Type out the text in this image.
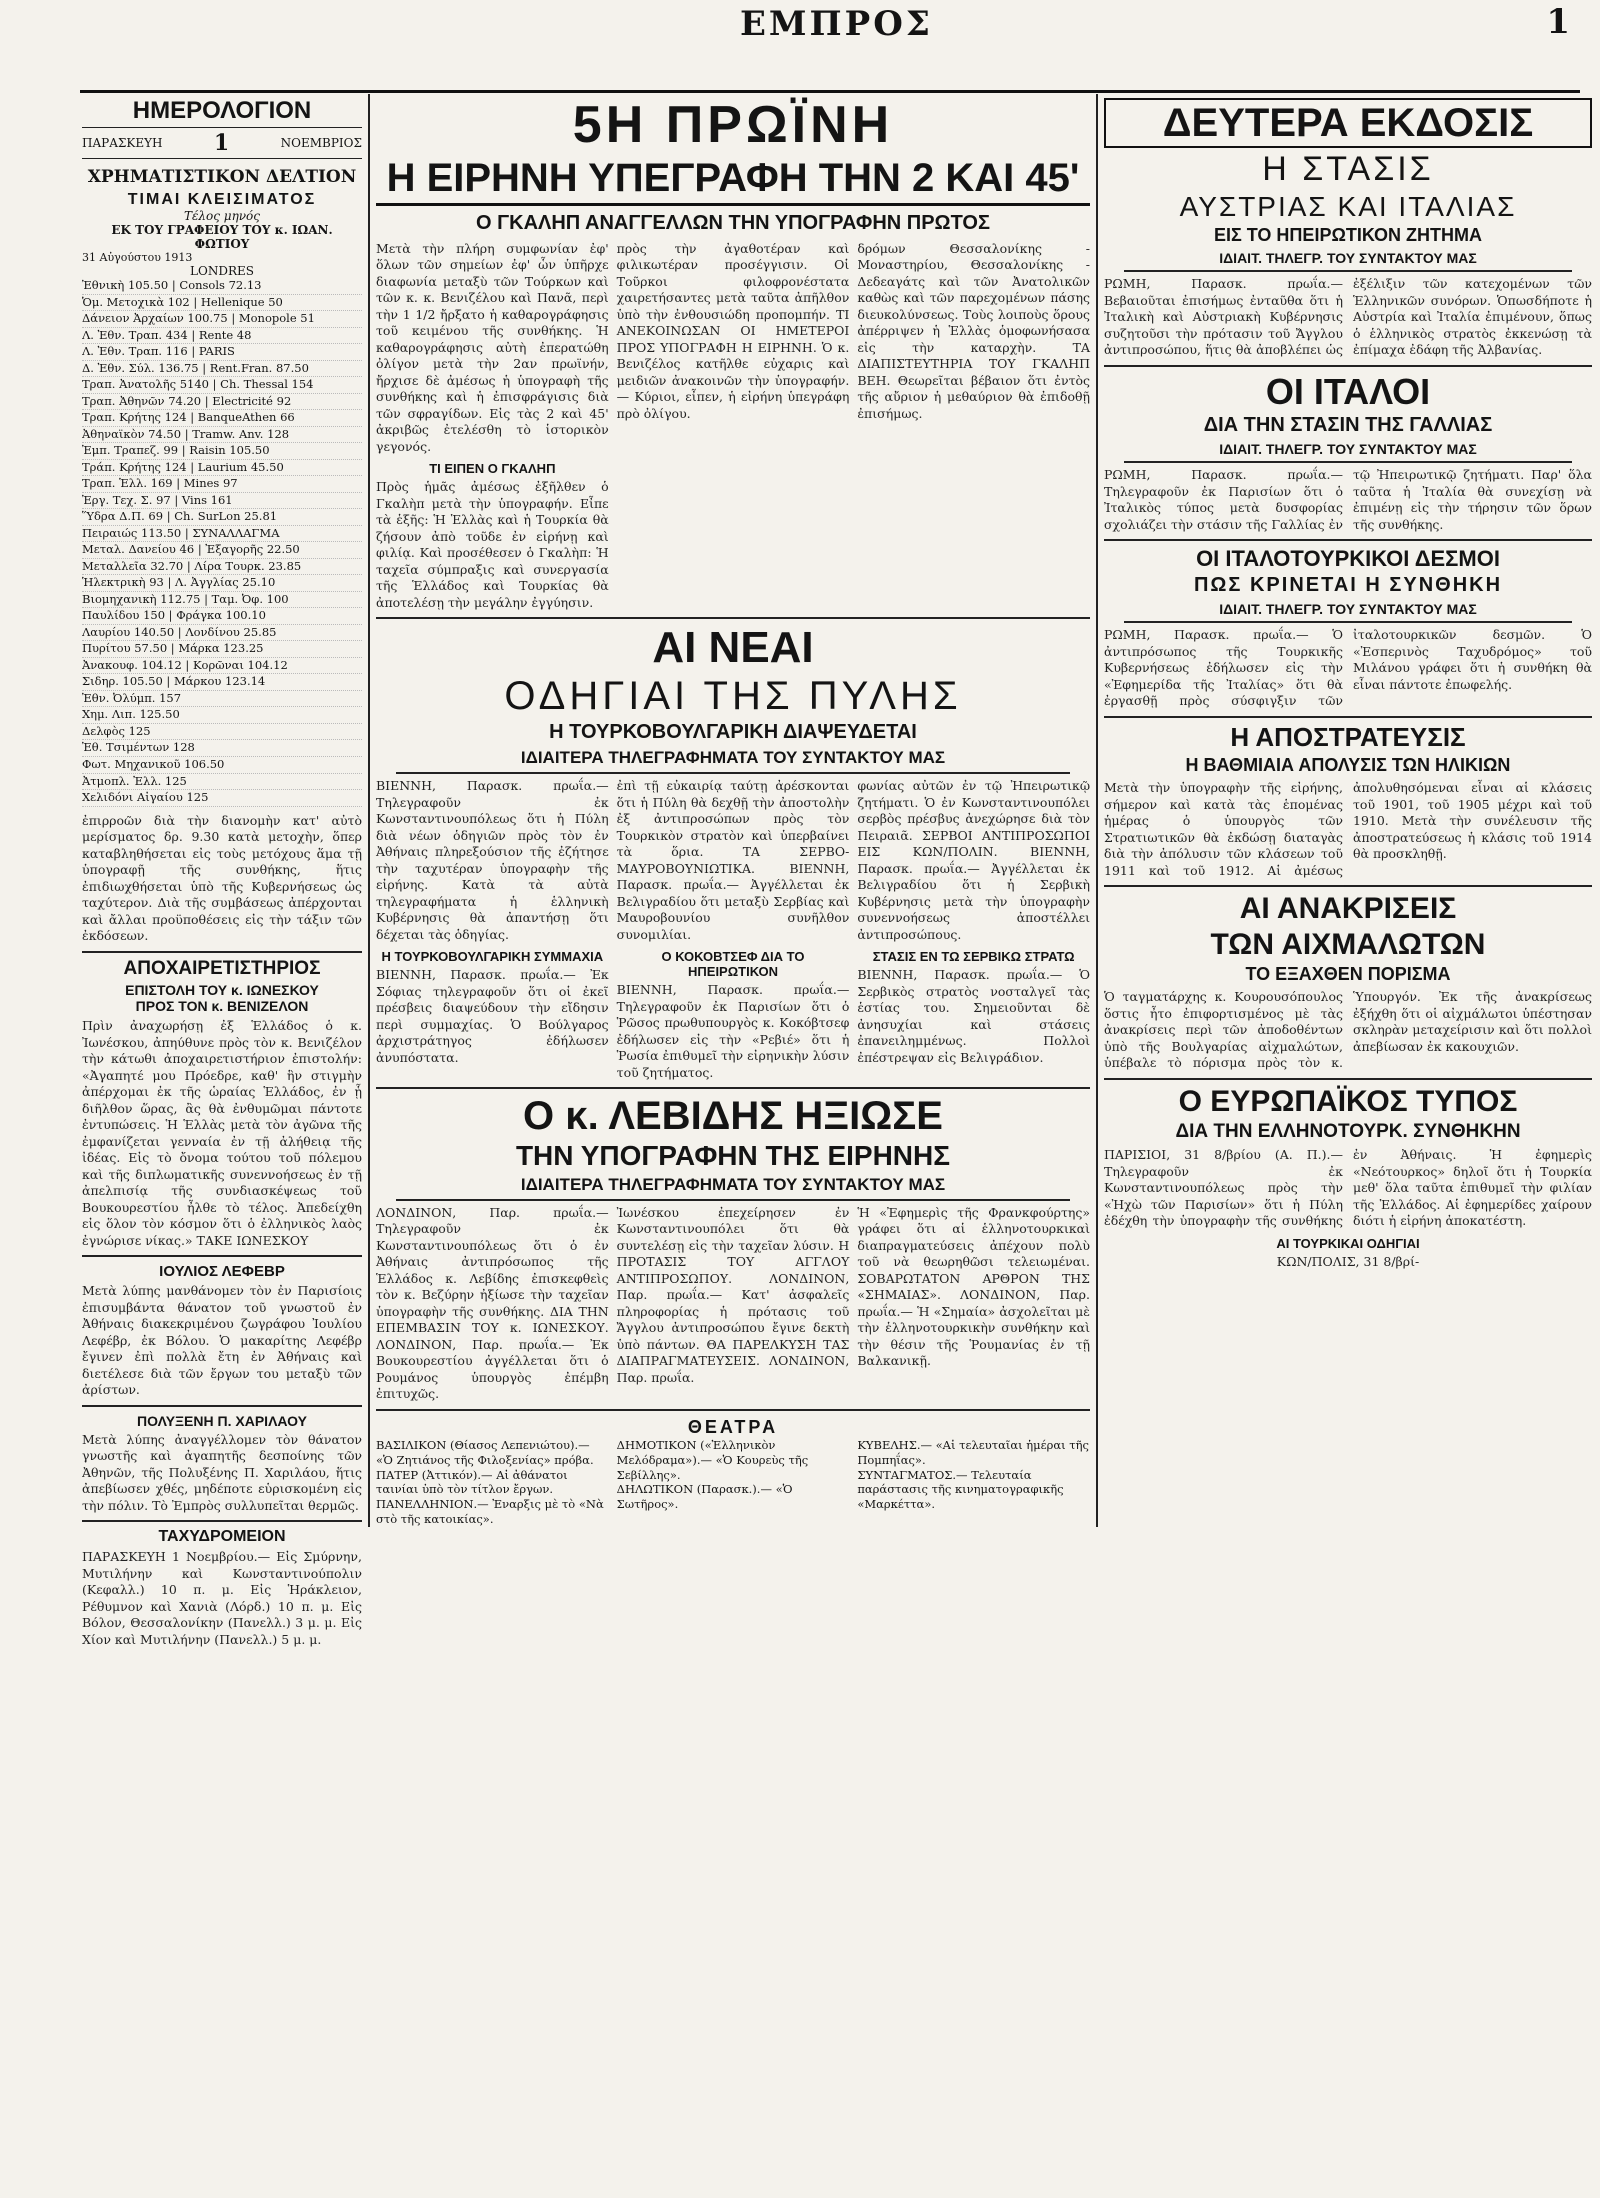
ΕΜΠΡΟΣ	1
ΗΜΕΡΟΛΟΓΙΟΝ
ΠΑΡΑΣΚΕΥΗ 1	ΝΟΕΜΒΡΙΟΣ
ΧΡΗΜΑΤΙΣΤΙΚΟΝ ΔΕΛΤΙΟΝ
ΤΙΜΑΙ ΚΛΕΙΣΙΜΑΤΟΣ
Τέλος μηνός
ΕΚ ΤΟΥ ΓΡΑΦΕΙΟΥ ΤΟΥ κ. ΙΩΑΝ. ΦΩΤΙΟΥ
31 Αὐγούστου 1913
LONDRES
Ἐθνικὴ 105.50 | Consols 72.13
Ὁμ. Μετοχικὰ 102 | Hellenique 50
Δάνειον Ἀρχαίων 100.75 | Monopole 51
Λ. Ἐθν. Τραπ. 434 | Rente 48
Λ. Ἐθν. Τραπ. 116 | PARIS
Δ. Ἐθν. Σύλ. 136.75 | Rent.Fran. 87.50
Τραπ. Ἀνατολῆς 5140 | Ch. Thessal 154
Τραπ. Ἀθηνῶν 74.20 | Electricité 92
Τραπ. Κρήτης 124 | BanqueAthen 66
Ἀθηναϊκὸν 74.50 | Tramw. Anv. 128
Ἐμπ. Τραπεζ. 99 | Raisin 105.50
Τράπ. Κρήτης 124 | Laurium 45.50
Τραπ. Ἑλλ. 169 | Mines 97
Ἐργ. Τεχ. Σ. 97 | Vins 161
Ὕδρα Δ.Π. 69 | Ch. SurLon 25.81
Πειραιώς 113.50 | ΣΥΝΑΛΛΑΓΜΑ
Μεταλ. Δανείου 46 | Ἐξαγορῆς 22.50
Μεταλλεῖα 32.70 | Λίρα Τουρκ. 23.85
Ἡλεκτρικὴ 93 | Λ. Ἀγγλίας 25.10
Βιομηχανικὴ 112.75 | Ταμ. Ὀφ. 100
Παυλίδου 150 | Φράγκα 100.10
Λαυρίου 140.50 | Λονδίνου 25.85
Πυρίτου 57.50 | Μάρκα 123.25
Ἀνακουφ. 104.12 | Κορῶναι 104.12
Σιδηρ. 105.50 | Μάρκου 123.14
Ἐθν. Ὀλύμπ. 157
Χημ. Λιπ. 125.50
Δελφὸς 125
Ἐθ. Τσιμέντων 128
Φωτ. Μηχανικοῦ 106.50
Ἀτμοπλ. Ἐλλ. 125
Χελιδόνι Αἰγαίου 125
ἐπιρροῶν διὰ τὴν διανομὴν κατ' αὐτὸ μερίσματος δρ. 9.30 κατὰ μετοχὴν, ὅπερ καταβληθήσεται εἰς τοὺς μετόχους ἅμα τῇ ὑπογραφῇ τῆς συνθήκης, ἥτις ἐπιδιωχθήσεται ὑπὸ τῆς Κυβερνήσεως ὡς ταχύτερον. Διὰ τῆς συμβάσεως ἀπέρχονται καὶ ἄλλαι προϋποθέσεις εἰς τὴν τάξιν τῶν ἐκδόσεων.
ΑΠΟΧΑΙΡΕΤΙΣΤΗΡΙΟΣ
ΕΠΙΣΤΟΛΗ ΤΟΥ κ. ΙΩΝΕΣΚΟΥ
ΠΡΟΣ ΤΟΝ κ. ΒΕΝΙΖΕΛΟΝ
Πρὶν ἀναχωρήσῃ ἐξ Ἑλλάδος ὁ κ. Ἰωνέσκου, ἀπηύθυνε πρὸς τὸν κ. Βενιζέλον τὴν κάτωθι ἀποχαιρετιστήριον ἐπιστολήν: «Ἀγαπητέ μου Πρόεδρε, καθ' ἣν στιγμὴν ἀπέρχομαι ἐκ τῆς ὡραίας Ἑλλάδος, ἐν ᾗ διῆλθον ὥρας, ἂς θὰ ἐνθυμῶμαι πάντοτε ἐντυπώσεις. Ἡ Ἑλλὰς μετὰ τὸν ἀγῶνα τῆς ἐμφανίζεται γενναία ἐν τῇ ἀλήθειᾳ τῆς ἰδέας. Εἰς τὸ ὄνομα τούτου τοῦ πόλεμου καὶ τῆς διπλωματικῆς συνεννοήσεως ἐν τῇ ἀπελπισίᾳ τῆς συνδιασκέψεως τοῦ Βουκουρεστίου ἦλθε τὸ τέλος. Ἀπεδείχθη εἰς ὅλον τὸν κόσμον ὅτι ὁ ἐλληνικὸς λαὸς ἐγνώρισε νίκας.» ΤΑΚΕ ΙΩΝΕΣΚΟΥ
ΙΟΥΛΙΟΣ ΛΕΦΕΒΡ
Μετὰ λύπης μανθάνομεν τὸν ἐν Παρισίοις ἐπισυμβάντα θάνατον τοῦ γνωστοῦ ἐν Ἀθήναις διακεκριμένου ζωγράφου Ἰουλίου Λεφέβρ, ἐκ Βόλου. Ὁ μακαρίτης Λεφέβρ ἔγινεν ἐπὶ πολλὰ ἔτη ἐν Ἀθήναις καὶ διετέλεσε διὰ τῶν ἔργων του μεταξὺ τῶν ἀρίστων.
ΠΟΛΥΞΕΝΗ Π. ΧΑΡΙΛΑΟΥ
Μετὰ λύπης ἀναγγέλλομεν τὸν θάνατον γνωστῆς καὶ ἀγαπητῆς δεσποίνης τῶν Ἀθηνῶν, τῆς Πολυξένης Π. Χαριλάου, ἥτις ἀπεβίωσεν χθές, μηδέποτε εὑρισκομένη εἰς τὴν πόλιν. Τὸ Ἐμπρὸς συλλυπεῖται θερμῶς.
ΤΑΧΥΔΡΟΜΕΙΟΝ
ΠΑΡΑΣΚΕΥΗ 1 Νοεμβρίου.— Εἰς Σμύρνην, Μυτιλήνην καὶ Κωνσταντινούπολιν (Κεφαλλ.) 10 π. μ. Εἰς Ἡράκλειον, Ρέθυμνον καὶ Χανιὰ (Λόρδ.) 10 π. μ. Εἰς Βόλον, Θεσσαλονίκην (Πανελλ.) 3 μ. μ. Εἰς Χίον καὶ Μυτιλήνην (Πανελλ.) 5 μ. μ.
5Η ΠΡΩΪΝΗ
Η ΕΙΡΗΝΗ ΥΠΕΓΡΑΦΗ ΤΗΝ 2 ΚΑΙ 45'
Ο ΓΚΑΛΗΠ ΑΝΑΓΓΕΛΛΩΝ ΤΗΝ ΥΠΟΓΡΑΦΗΝ ΠΡΩΤΟΣ
Μετὰ τὴν πλήρη συμφωνίαν ἐφ' ὅλων τῶν σημείων ἐφ' ὧν ὑπῆρχε διαφωνία μεταξὺ τῶν Τούρκων καὶ τῶν κ. κ. Βενιζέλου καὶ Πανᾶ, περὶ τὴν 1 1/2 ἤρξατο ἡ καθαρογράφησις τοῦ κειμένου τῆς συνθήκης. Ἡ καθαρογράφησις αὐτὴ ἐπερατώθη ὀλίγον μετὰ τὴν 2αν πρωϊνήν, ἤρχισε δὲ ἀμέσως ἡ ὑπογραφὴ τῆς συνθήκης καὶ ἡ ἐπισφράγισις διὰ τῶν σφραγίδων. Εἰς τὰς 2 καὶ 45' ἀκριβῶς ἐτελέσθη τὸ ἱστορικὸν γεγονός.
ΤΙ ΕΙΠΕΝ Ο ΓΚΑΛΗΠ
Πρὸς ἡμᾶς ἀμέσως ἐξῆλθεν ὁ Γκαλὴπ μετὰ τὴν ὑπογραφήν. Εἶπε τὰ ἑξῆς: Ἡ Ἑλλὰς καὶ ἡ Τουρκία θὰ ζήσουν ἀπὸ τοῦδε ἐν εἰρήνῃ καὶ φιλίᾳ. Καὶ προσέθεσεν ὁ Γκαλὴπ: Ἡ ταχεῖα σύμπραξις καὶ συνεργασία τῆς Ἑλλάδος καὶ Τουρκίας θὰ ἀποτελέσῃ τὴν μεγάλην ἐγγύησιν.
πρὸς τὴν ἀγαθοτέραν καὶ φιλικωτέραν προσέγγισιν. Οἱ Τοῦρκοι φιλοφρονέστατα χαιρετήσαντες μετὰ ταῦτα ἀπῆλθον ὑπὸ τὴν ἐνθουσιώδη προπομπήν. ΤΙ ΑΝΕΚΟΙΝΩΣΑΝ ΟΙ ΗΜΕΤΕΡΟΙ ΠΡΟΣ ΥΠΟΓΡΑΦΗ Η ΕΙΡΗΝΗ. Ὁ κ. Βενιζέλος κατῆλθε εὐχαρις καὶ μειδιῶν ἀνακοινῶν τὴν ὑπογραφήν. — Κύριοι, εἶπεν, ἡ εἰρήνη ὑπεγράφη πρὸ ὀλίγου.
δρόμων Θεσσαλονίκης - Μοναστηρίου, Θεσσαλονίκης - Δεδεαγάτς καὶ τῶν Ἀνατολικῶν καθὼς καὶ τῶν παρεχομένων πάσης διευκολύνσεως. Τοὺς λοιποὺς ὅρους ἀπέρριψεν ἡ Ἑλλὰς ὁμοφωνήσασα εἰς τὴν καταρχὴν. ΤΑ ΔΙΑΠΙΣΤΕΥΤΗΡΙΑ ΤΟΥ ΓΚΑΛΗΠ ΒΕΗ. Θεωρεῖται βέβαιον ὅτι ἐντὸς τῆς αὔριον ἡ μεθαύριον θὰ ἐπιδοθῇ ἐπισήμως.
ΑΙ ΝΕΑΙ
ΟΔΗΓΙΑΙ ΤΗΣ ΠΥΛΗΣ
Η ΤΟΥΡΚΟΒΟΥΛΓΑΡΙΚΗ ΔΙΑΨΕΥΔΕΤΑΙ
ΙΔΙΑΙΤΕΡΑ ΤΗΛΕΓΡΑΦΗΜΑΤΑ ΤΟΥ ΣΥΝΤΑΚΤΟΥ ΜΑΣ
ΒΙΕΝΝΗ, Παρασκ. πρωΐα.— Τηλεγραφοῦν ἐκ Κωνσταντινουπόλεως ὅτι ἡ Πύλη διὰ νέων ὁδηγιῶν πρὸς τὸν ἐν Ἀθήναις πληρεξούσιον τῆς ἐζήτησε τὴν ταχυτέραν ὑπογραφὴν τῆς εἰρήνης. Κατὰ τὰ αὐτὰ τηλεγραφήματα ἡ ἑλληνικὴ Κυβέρνησις θὰ ἀπαντήσῃ ὅτι δέχεται τὰς ὁδηγίας.
Η ΤΟΥΡΚΟΒΟΥΛΓΑΡΙΚΗ ΣΥΜΜΑΧΙΑ
ΒΙΕΝΝΗ, Παρασκ. πρωΐα.— Ἐκ Σόφιας τηλεγραφοῦν ὅτι οἱ ἐκεῖ πρέσβεις διαψεύδουν τὴν εἴδησιν περὶ συμμαχίας. Ὁ Βούλγαρος ἀρχιστράτηγος ἐδήλωσεν ἀνυπόστατα.
ἐπὶ τῇ εὐκαιρίᾳ ταύτῃ ἀρέσκονται ὅτι ἡ Πύλη θὰ δεχθῇ τὴν ἀποστολὴν ἐξ ἀντιπροσώπων πρὸς τὸν Τουρκικὸν στρατὸν καὶ ὑπερβαίνει τὰ ὅρια. ΤΑ ΣΕΡΒΟ-ΜΑΥΡΟΒΟΥΝΙΩΤΙΚΑ. ΒΙΕΝΝΗ, Παρασκ. πρωΐα.— Ἀγγέλλεται ἐκ Βελιγραδίου ὅτι μεταξὺ Σερβίας καὶ Μαυροβουνίου συνῆλθον συνομιλίαι.
Ο ΚΟΚΟΒΤΣΕΦ ΔΙΑ ΤΟ ΗΠΕΙΡΩΤΙΚΟΝ
ΒΙΕΝΝΗ, Παρασκ. πρωΐα.— Τηλεγραφοῦν ἐκ Παρισίων ὅτι ὁ Ῥῶσος πρωθυπουργὸς κ. Κοκόβτσεφ ἐδήλωσεν εἰς τὴν «Ρεβιέ» ὅτι ἡ Ῥωσία ἐπιθυμεῖ τὴν εἰρηνικὴν λύσιν τοῦ ζητήματος.
φωνίας αὐτῶν ἐν τῷ Ἠπειρωτικῷ ζητήματι. Ὁ ἐν Κωνσταντινουπόλει σερβὸς πρέσβυς ἀνεχώρησε διὰ τὸν Πειραιᾶ. ΣΕΡΒΟΙ ΑΝΤΙΠΡΟΣΩΠΟΙ ΕΙΣ ΚΩΝ/ΠΟΛΙΝ. ΒΙΕΝΝΗ, Παρασκ. πρωΐα.— Ἀγγέλλεται ἐκ Βελιγραδίου ὅτι ἡ Σερβικὴ Κυβέρνησις μετὰ τὴν ὑπογραφὴν συνεννοήσεως ἀποστέλλει ἀντιπροσώπους.
ΣΤΑΣΙΣ ΕΝ ΤΩ ΣΕΡΒΙΚΩ ΣΤΡΑΤΩ
ΒΙΕΝΝΗ, Παρασκ. πρωΐα.— Ὁ Σερβικὸς στρατὸς νοσταλγεῖ τὰς ἑστίας του. Σημειοῦνται δὲ ἀνησυχίαι καὶ στάσεις ἐπανειλημμένως. Πολλοὶ ἐπέστρεψαν εἰς Βελιγράδιον.
Ο κ. ΛΕΒΙΔΗΣ ΗΞΙΩΣΕ
ΤΗΝ ΥΠΟΓΡΑΦΗΝ ΤΗΣ ΕΙΡΗΝΗΣ
ΙΔΙΑΙΤΕΡΑ ΤΗΛΕΓΡΑΦΗΜΑΤΑ ΤΟΥ ΣΥΝΤΑΚΤΟΥ ΜΑΣ
ΛΟΝΔΙΝΟΝ, Παρ. πρωΐα.— Τηλεγραφοῦν ἐκ Κωνσταντινουπόλεως ὅτι ὁ ἐν Ἀθήναις ἀντιπρόσωπος τῆς Ἑλλάδος κ. Λεβίδης ἐπισκεφθεὶς τὸν κ. Βεζύρην ἠξίωσε τὴν ταχεῖαν ὑπογραφὴν τῆς συνθήκης. ΔΙΑ ΤΗΝ ΕΠΕΜΒΑΣΙΝ ΤΟΥ κ. ΙΩΝΕΣΚΟΥ. ΛΟΝΔΙΝΟΝ, Παρ. πρωΐα.— Ἐκ Βουκουρεστίου ἀγγέλλεται ὅτι ὁ Ρουμάνος ὑπουργὸς ἐπέμβη ἐπιτυχῶς.
Ἰωνέσκου ἐπεχείρησεν ἐν Κωνσταντινουπόλει ὅτι θὰ συντελέσῃ εἰς τὴν ταχεῖαν λύσιν. Η ΠΡΟΤΑΣΙΣ ΤΟΥ ΑΓΓΛΟΥ ΑΝΤΙΠΡΟΣΩΠΟΥ. ΛΟΝΔΙΝΟΝ, Παρ. πρωΐα.— Κατ' ἀσφαλεῖς πληροφορίας ἡ πρότασις τοῦ Ἄγγλου ἀντιπροσώπου ἔγινε δεκτὴ ὑπὸ πάντων. ΘΑ ΠΑΡΕΛΚΥΣΗ ΤΑΣ ΔΙΑΠΡΑΓΜΑΤΕΥΣΕΙΣ. ΛΟΝΔΙΝΟΝ, Παρ. πρωΐα.
Ἡ «Ἐφημερὶς τῆς Φρανκφούρτης» γράφει ὅτι αἱ ἑλληνοτουρκικαὶ διαπραγματεύσεις ἀπέχουν πολὺ τοῦ νὰ θεωρηθῶσι τελειωμέναι. ΣΟΒΑΡΩΤΑΤΟΝ ΑΡΘΡΟΝ ΤΗΣ «ΣΗΜΑΙΑΣ». ΛΟΝΔΙΝΟΝ, Παρ. πρωΐα.— Ἡ «Σημαία» ἀσχολεῖται μὲ τὴν ἑλληνοτουρκικὴν συνθήκην καὶ τὴν θέσιν τῆς Ῥουμανίας ἐν τῇ Βαλκανικῇ.
ΘΕΑΤΡΑ
ΒΑΣΙΛΙΚΟΝ (Θίασος Λεπενιώτου).— «Ὁ Ζητιάνος τῆς Φιλοξενίας» πρόβα.
ΠΑΤΕΡ (Ἀττικόν).— Αἱ ἀθάνατοι ταινίαι ὑπὸ τὸν τίτλον ἔργων.
ΠΑΝΕΛΛΗΝΙΟΝ.— Ἐναρξις μὲ τὸ «Νὰ στὸ τῆς κατοικίας».
ΔΗΜΟΤΙΚΟΝ («Ἑλληνικὸν Μελόδραμα»).— «Ὁ Κουρεὺς τῆς Σεβίλλης».
ΔΗΛΩΤΙΚΟΝ (Παρασκ.).— «Ὁ Σωτῆρος».
ΚΥΒΕΛΗΣ.— «Αἱ τελευταῖαι ἡμέραι τῆς Πομπηΐας».
ΣΥΝΤΑΓΜΑΤΟΣ.— Τελευταία παράστασις τῆς κινηματογραφικῆς «Μαρκέττα».
ΔΕΥΤΕΡΑ ΕΚΔΟΣΙΣ
Η ΣΤΑΣΙΣ
ΑΥΣΤΡΙΑΣ ΚΑΙ ΙΤΑΛΙΑΣ
ΕΙΣ ΤΟ ΗΠΕΙΡΩΤΙΚΟΝ ΖΗΤΗΜΑ
ΙΔΙΑΙΤ. ΤΗΛΕΓΡ. ΤΟΥ ΣΥΝΤΑΚΤΟΥ ΜΑΣ
ΡΩΜΗ, Παρασκ. πρωΐα.— Βεβαιοῦται ἐπισήμως ἐνταῦθα ὅτι ἡ Ἰταλικὴ καὶ Αὐστριακὴ Κυβέρνησις συζητοῦσι τὴν πρότασιν τοῦ Ἄγγλου ἀντιπροσώπου, ἥτις θὰ ἀποβλέπει ὡς ἐξέλιξιν τῶν κατεχομένων τῶν Ἑλληνικῶν συνόρων. Ὁπωσδήποτε ἡ Αὐστρία καὶ Ἰταλία ἐπιμένουν, ὅπως ὁ ἑλληνικὸς στρατὸς ἐκκενώσῃ τὰ ἐπίμαχα ἐδάφη τῆς Ἀλβανίας.
ΟΙ ΙΤΑΛΟΙ
ΔΙΑ ΤΗΝ ΣΤΑΣΙΝ ΤΗΣ ΓΑΛΛΙΑΣ
ΙΔΙΑΙΤ. ΤΗΛΕΓΡ. ΤΟΥ ΣΥΝΤΑΚΤΟΥ ΜΑΣ
ΡΩΜΗ, Παρασκ. πρωΐα.— Τηλεγραφοῦν ἐκ Παρισίων ὅτι ὁ Ἰταλικὸς τύπος μετὰ δυσφορίας σχολιάζει τὴν στάσιν τῆς Γαλλίας ἐν τῷ Ἠπειρωτικῷ ζητήματι. Παρ' ὅλα ταῦτα ἡ Ἰταλία θὰ συνεχίσῃ νὰ ἐπιμένῃ εἰς τὴν τήρησιν τῶν ὅρων τῆς συνθήκης.
ΟΙ ΙΤΑΛΟΤΟΥΡΚΙΚΟΙ ΔΕΣΜΟΙ
ΠΩΣ ΚΡΙΝΕΤΑΙ Η ΣΥΝΘΗΚΗ
ΙΔΙΑΙΤ. ΤΗΛΕΓΡ. ΤΟΥ ΣΥΝΤΑΚΤΟΥ ΜΑΣ
ΡΩΜΗ, Παρασκ. πρωΐα.— Ὁ ἀντιπρόσωπος τῆς Τουρκικῆς Κυβερνήσεως ἐδήλωσεν εἰς τὴν «Ἐφημερίδα τῆς Ἰταλίας» ὅτι θὰ ἐργασθῇ πρὸς σύσφιγξιν τῶν ἰταλοτουρκικῶν δεσμῶν. Ὁ «Ἐσπερινὸς Ταχυδρόμος» τοῦ Μιλάνου γράφει ὅτι ἡ συνθήκη θὰ εἶναι πάντοτε ἐπωφελής.
Η ΑΠΟΣΤΡΑΤΕΥΣΙΣ
Η ΒΑΘΜΙΑΙΑ ΑΠΟΛΥΣΙΣ ΤΩΝ ΗΛΙΚΙΩΝ
Μετὰ τὴν ὑπογραφὴν τῆς εἰρήνης, σήμερον καὶ κατὰ τὰς ἑπομένας ἡμέρας ὁ ὑπουργὸς τῶν Στρατιωτικῶν θὰ ἐκδώσῃ διαταγὰς διὰ τὴν ἀπόλυσιν τῶν κλάσεων τοῦ 1911 καὶ τοῦ 1912. Αἱ ἀμέσως ἀπολυθησόμεναι εἶναι αἱ κλάσεις τοῦ 1901, τοῦ 1905 μέχρι καὶ τοῦ 1910. Μετὰ τὴν συνέλευσιν τῆς ἀποστρατεύσεως ἡ κλάσις τοῦ 1914 θὰ προσκληθῇ.
ΑΙ ΑΝΑΚΡΙΣΕΙΣ
ΤΩΝ ΑΙΧΜΑΛΩΤΩΝ
ΤΟ ΕΞΑΧΘΕΝ ΠΟΡΙΣΜΑ
Ὁ ταγματάρχης κ. Κουρουσόπουλος ὅστις ἦτο ἐπιφορτισμένος μὲ τὰς ἀνακρίσεις περὶ τῶν ἀποδοθέντων ὑπὸ τῆς Βουλγαρίας αἰχμαλώτων, ὑπέβαλε τὸ πόρισμα πρὸς τὸν κ. Ὑπουργόν. Ἐκ τῆς ἀνακρίσεως ἐξήχθη ὅτι οἱ αἰχμάλωτοι ὑπέστησαν σκληρὰν μεταχείρισιν καὶ ὅτι πολλοὶ ἀπεβίωσαν ἐκ κακουχιῶν.
Ο ΕΥΡΩΠΑΪΚΟΣ ΤΥΠΟΣ
ΔΙΑ ΤΗΝ ΕΛΛΗΝΟΤΟΥΡΚ. ΣΥΝΘΗΚΗΝ
ΠΑΡΙΣΙΟΙ, 31 8/βρίου (Α. Π.).— Τηλεγραφοῦν ἐκ Κωνσταντινουπόλεως πρὸς τὴν «Ἠχὼ τῶν Παρισίων» ὅτι ἡ Πύλη ἐδέχθη τὴν ὑπογραφὴν τῆς συνθήκης ἐν Ἀθήναις. Ἡ ἐφημερὶς «Νεότουρκος» δηλοῖ ὅτι ἡ Τουρκία μεθ' ὅλα ταῦτα ἐπιθυμεῖ τὴν φιλίαν τῆς Ἑλλάδος. Αἱ ἐφημερίδες χαίρουν διότι ἡ εἰρήνη ἀποκατέστη.
ΑΙ ΤΟΥΡΚΙΚΑΙ ΟΔΗΓΙΑΙ
ΚΩΝ/ΠΟΛΙΣ, 31 8/βρί-
